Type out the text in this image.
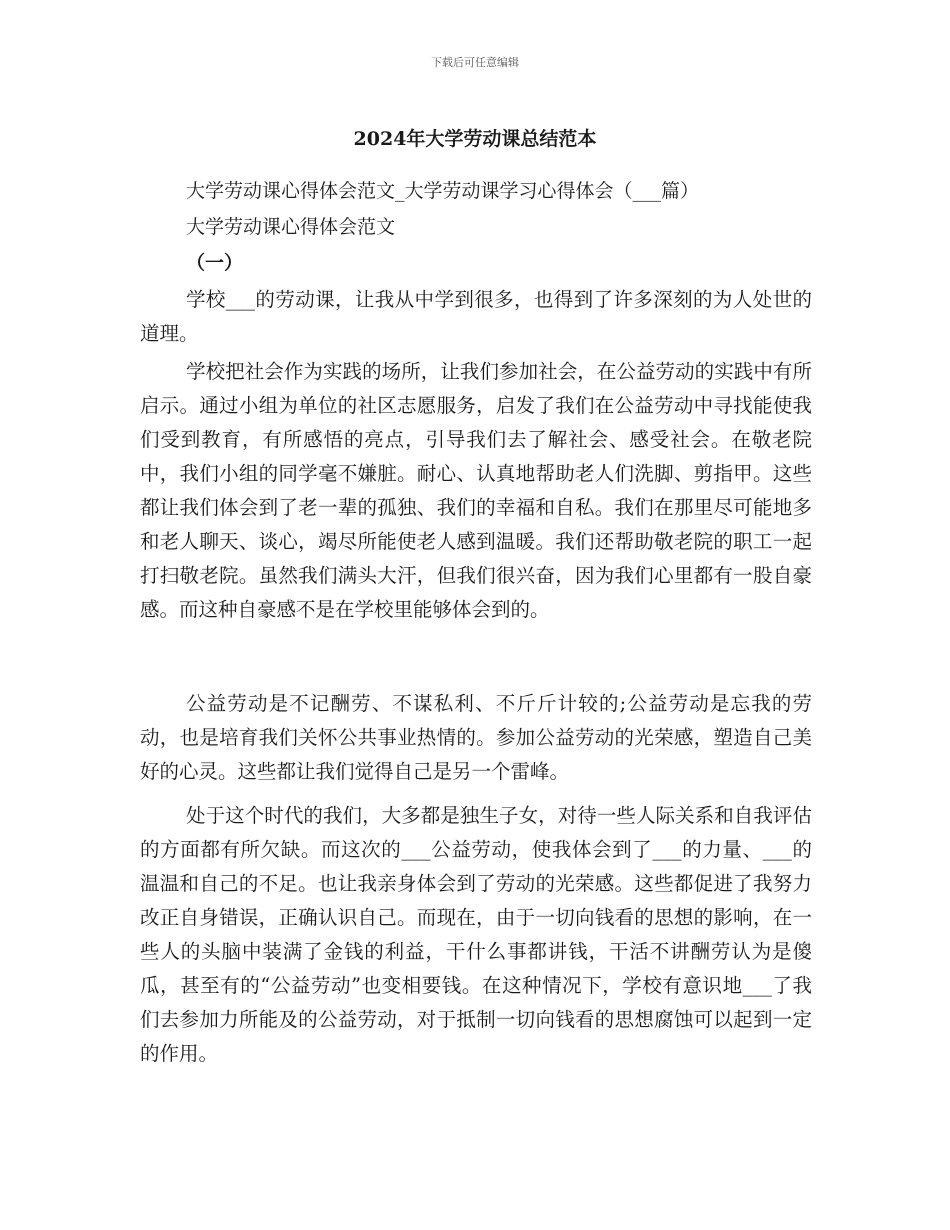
下载后可任意编辑
2024年大学劳动课总结范本
大学劳动课心得体会范文_大学劳动课学习心得体会（___篇）
大学劳动课心得体会范文
（一）

学校___的劳动课，让我从中学到很多，也得到了许多深刻的为人处世的道理。

学校把社会作为实践的场所，让我们参加社会，在公益劳动的实践中有所启示。通过小组为单位的社区志愿服务，启发了我们在公益劳动中寻找能使我们受到教育，有所感悟的亮点，引导我们去了解社会、感受社会。在敬老院中，我们小组的同学毫不嫌脏。耐心、认真地帮助老人们洗脚、剪指甲。这些都让我们体会到了老一辈的孤独、我们的幸福和自私。我们在那里尽可能地多和老人聊天、谈心，竭尽所能使老人感到温暖。我们还帮助敬老院的职工一起打扫敬老院。虽然我们满头大汗，但我们很兴奋，因为我们心里都有一股自豪感。而这种自豪感不是在学校里能够体会到的。

公益劳动是不记酬劳、不谋私利、不斤斤计较的;公益劳动是忘我的劳动，也是培育我们关怀公共事业热情的。参加公益劳动的光荣感，塑造自己美好的心灵。这些都让我们觉得自己是另一个雷峰。

处于这个时代的我们，大多都是独生子女，对待一些人际关系和自我评估的方面都有所欠缺。而这次的___公益劳动，使我体会到了___的力量、___的温温和自己的不足。也让我亲身体会到了劳动的光荣感。这些都促进了我努力改正自身错误，正确认识自己。而现在，由于一切向钱看的思想的影响，在一些人的头脑中装满了金钱的利益，干什么事都讲钱，干活不讲酬劳认为是傻瓜，甚至有的“公益劳动”也变相要钱。在这种情况下，学校有意识地___了我们去参加力所能及的公益劳动，对于抵制一切向钱看的思想腐蚀可以起到一定的作用。
